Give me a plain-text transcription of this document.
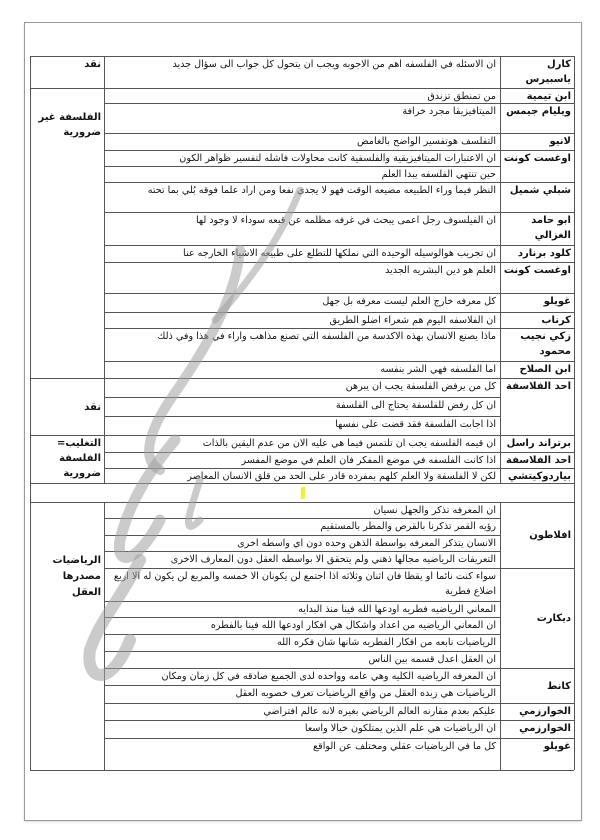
كارل ياسبيرس
ان الاسئله في الفلسفه اهم من الاجوبه ويجب ان يتحول كل جواب الى سؤال جديد
ابن تيمية
من تمنطق تزندق
ويليام جيمس
الميتافيزيقا مجرد خرافة
لانيو
التفلسف هوتفسير الواضح بالغامض
اوغست كونت
ان الاعتبارات الميتافيزيقية والفلسفية كانت محاولات فاشله لتفسير ظواهر الكون
حين تنتهي الفلسفه يبدا العلم
شبلي شميل
النظر فيما وراء الطبيعه مضيعه الوقت فهو لا يجدي نفعا ومن اراد علما فوقه بُلي بما تحته
ابو حامد الغزالي
ان الفيلسوف رجل اعمى يبحث في غرفه مظلمه عن قبعه سوداء لا وجود لها
كلود برنارد
ان تجريب هوالوسيله الوحيده التي نملكها للتطلع على طبيعه الاشياء الخارجه عنا
اوغست كونت
العلم هو دين البشريه الجديد
غويلو
كل معرفه خارج العلم ليست معرفه بل جهل
كرناب
ان الفلاسفه اليوم هم شعراء اضلو الطريق
زكي نجيب محمود
ماذا يصنع الانسان بهذه الاكدسة من الفلسفه التي تصنع مذاهب واراء في هذا وفي ذلك
ابن الصلاح
اما الفلسفه فهي الشر بنفسه
نقد
الفلسفة غير ضرورية
احد الفلاسفة
كل من يرفض الفلسفة يجب ان يبرهن
ان كل رفض للفلسفة يحتاج الى الفلسفة
اذا اجابت الفلسفة فقد قضت على نفسها
نقد
برتراند راسل
ان قيمه الفلسفه يجب ان تلتمس فيما هي عليه الان من عدم اليقين بالذات
احد الفلاسفة
اذا كانت الفلسفه في موضع المفكر فان العلم في موضع المفسر
بياردوكيتشي
لكن لا الفلسفة ولا العلم كلهم بمفرده قادر على الحد من قلق الانسان المعاصر
التغليب= الفلسفة ضرورية
افلاطون
ان المعرفه تذكر والجهل نسيان
رؤيه القمر تذكرنا بالقرص والمطر بالمستقيم
الانسان يتذكر المعرفه بواسطة الذهن وحده دون اي واسطه اخرى
التعريفات الرياضيه مجالها ذهني ولم يتحقق الا بواسطه العقل دون المعارف الاخرى
ديكارت
سواء كنت نائما او يقظا فان اثنان وثلاثه اذا اجتمع لن يكونان الا خمسه والمربع لن يكون له الا اربع اضلاع فطرية
المعاني الرياضيه فطريه اودعها الله فينا منذ البدايه
ان المعاني الرياضيه من اعداد واشكال هي افكار اودعها الله فينا بالفطره
الرياضيات نابعه من افكار الفطريه شانها شان فكره الله
ان العقل اعدل قسمه بين الناس
كانط
ان المعرفه الرياضيه الكليه وهي عامه وواحده لدى الجميع صادقه في كل زمان ومكان
الرياضيات هي زبده العقل من واقع الرياضيات تعرف خصوبه العقل
الخوارزمي
عليكم بعدم مقارنه العالم الرياضي بغيره لانه عالم افتراضي
الخوارزمي
ان الرياضيات هي علم الذين يمتلكون خيالا واسعا
غويلو
كل ما في الرياضيات عقلي ومختلف عن الواقع
الرياضيات مصدرها العقل
